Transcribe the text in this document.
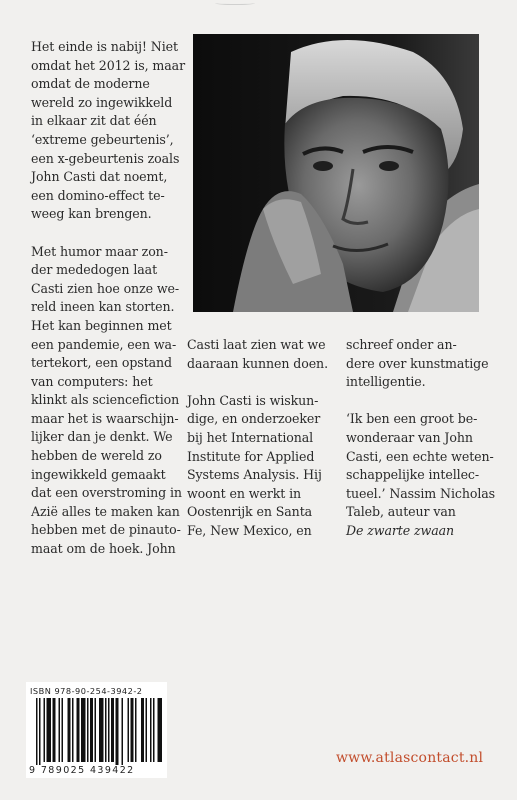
Het einde is nabij! Niet
omdat het 2012 is, maar
omdat de moderne
wereld zo ingewikkeld
in elkaar zit dat één
‘extreme gebeurtenis’,
een x-gebeurtenis zoals
John Casti dat noemt,
een domino-effect te-
weeg kan brengen.

Met humor maar zon-
der mededogen laat
Casti zien hoe onze we-
reld ineen kan storten.
Het kan beginnen met
een pandemie, een wa-
tertekort, een opstand
van computers: het
klinkt als sciencefiction
maar het is waarschijn-
lijker dan je denkt. We
hebben de wereld zo
ingewikkeld gemaakt
dat een overstroming in
Azië alles te maken kan
hebben met de pinauto-
maat om de hoek. John

Casti laat zien wat we
daaraan kunnen doen.

John Casti is wiskun-
dige, en onderzoeker
bij het International
Institute for Applied
Systems Analysis. Hij
woont en werkt in
Oostenrijk en Santa
Fe, New Mexico, en

schreef onder an-
dere over kunstmatige
intelligentie.

‘Ik ben een groot be-
wonderaar van John
Casti, een echte weten-
schappelijke intellec-
tueel.’ Nassim Nicholas
Taleb, auteur van
De zwarte zwaan

ISBN 978-90-254-3942-2
9 789025 439422
www.atlascontact.nl
